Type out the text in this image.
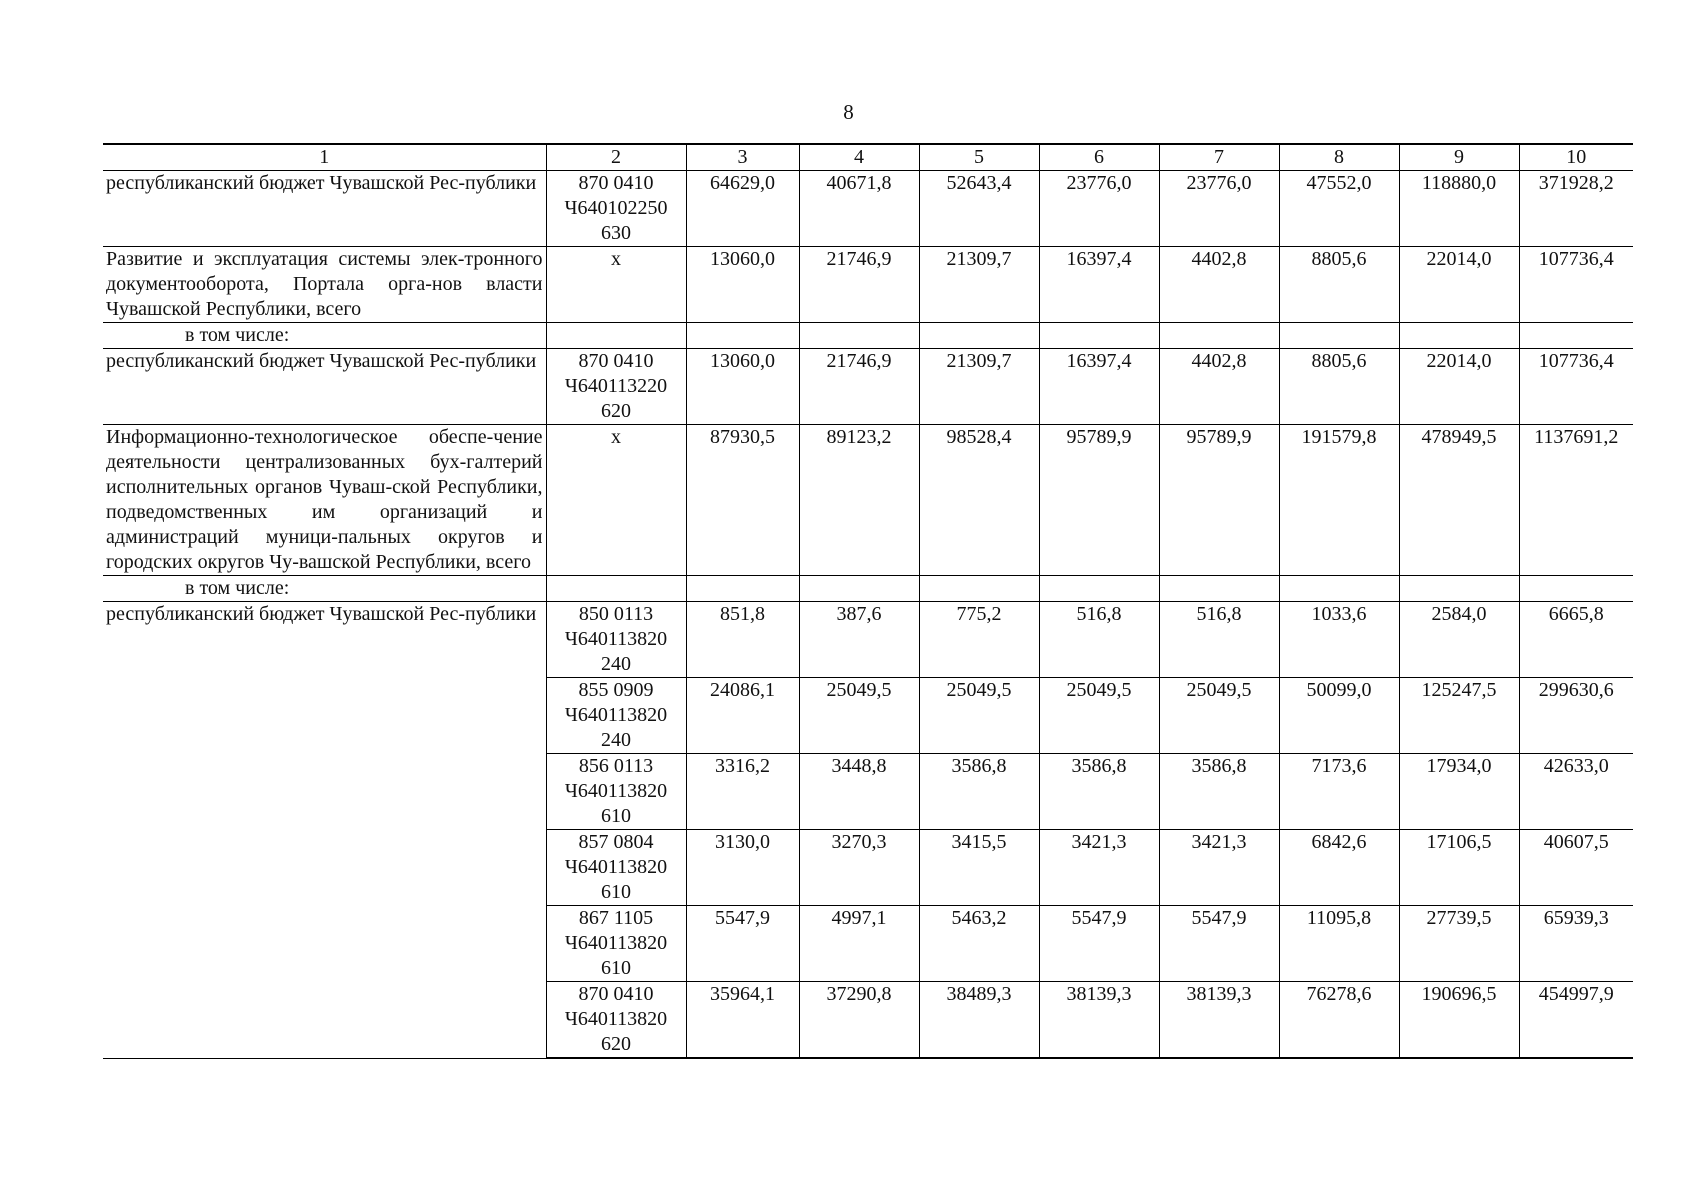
8
1	2	3	4	5	6	7	8	9	10
республиканский бюджет Чувашской Рес-публики	870 0410 Ч640102250 630	64629,0	40671,8	52643,4	23776,0	23776,0	47552,0	118880,0	371928,2
Развитие и эксплуатация системы элек-тронного документооборота, Портала орга-нов власти Чувашской Республики, всего	x	13060,0	21746,9	21309,7	16397,4	4402,8	8805,6	22014,0	107736,4
в том числе:									
республиканский бюджет Чувашской Рес-публики	870 0410 Ч640113220 620	13060,0	21746,9	21309,7	16397,4	4402,8	8805,6	22014,0	107736,4
Информационно-технологическое обеспе-чение деятельности централизованных бух-галтерий исполнительных органов Чуваш-ской Республики, подведомственных им организаций и администраций муници-пальных округов и городских округов Чу-вашской Республики, всего	x	87930,5	89123,2	98528,4	95789,9	95789,9	191579,8	478949,5	1137691,2
в том числе:									
республиканский бюджет Чувашской Рес-публики	850 0113 Ч640113820 240	851,8	387,6	775,2	516,8	516,8	1033,6	2584,0	6665,8
	855 0909 Ч640113820 240	24086,1	25049,5	25049,5	25049,5	25049,5	50099,0	125247,5	299630,6
	856 0113 Ч640113820 610	3316,2	3448,8	3586,8	3586,8	3586,8	7173,6	17934,0	42633,0
	857 0804 Ч640113820 610	3130,0	3270,3	3415,5	3421,3	3421,3	6842,6	17106,5	40607,5
	867 1105 Ч640113820 610	5547,9	4997,1	5463,2	5547,9	5547,9	11095,8	27739,5	65939,3
	870 0410 Ч640113820 620	35964,1	37290,8	38489,3	38139,3	38139,3	76278,6	190696,5	454997,9
